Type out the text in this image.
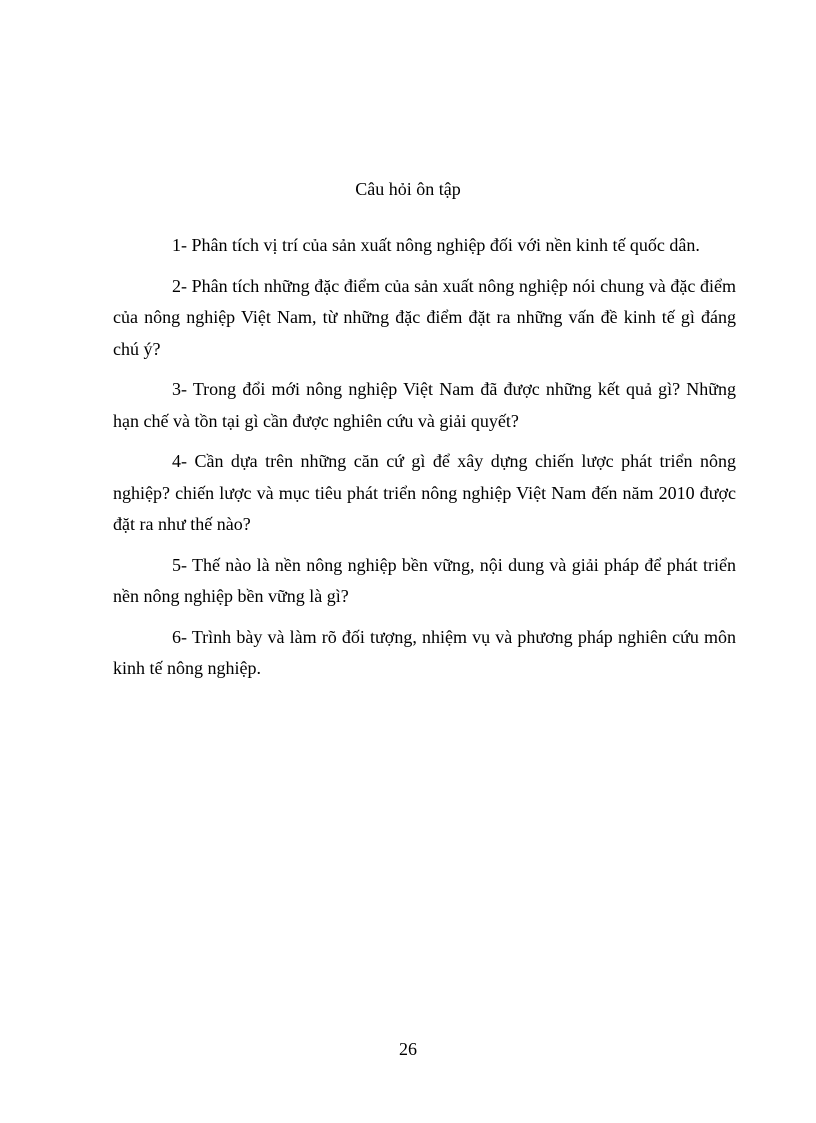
Câu hỏi ôn tập

1- Phân tích vị trí của sản xuất nông nghiệp đối với nền kinh tế quốc dân.

2- Phân tích những đặc điểm của sản xuất nông nghiệp nói chung và đặc điểm của nông nghiệp Việt Nam, từ những đặc điểm đặt ra những vấn đề kinh tế gì đáng chú ý?

3- Trong đổi mới nông nghiệp Việt Nam đã được những kết quả gì? Những hạn chế và tồn tại gì cần được nghiên cứu và giải quyết?

4- Cần dựa trên những căn cứ gì để xây dựng chiến lược phát triển nông nghiệp? chiến lược và mục tiêu phát triển nông nghiệp Việt Nam đến năm 2010 được đặt ra như thế nào?

5- Thế nào là nền nông nghiệp bền vững, nội dung và giải pháp để phát triển nền nông nghiệp bền vững là gì?

6- Trình bày và làm rõ đối tượng, nhiệm vụ và phương pháp nghiên cứu môn kinh tế nông nghiệp.

26
